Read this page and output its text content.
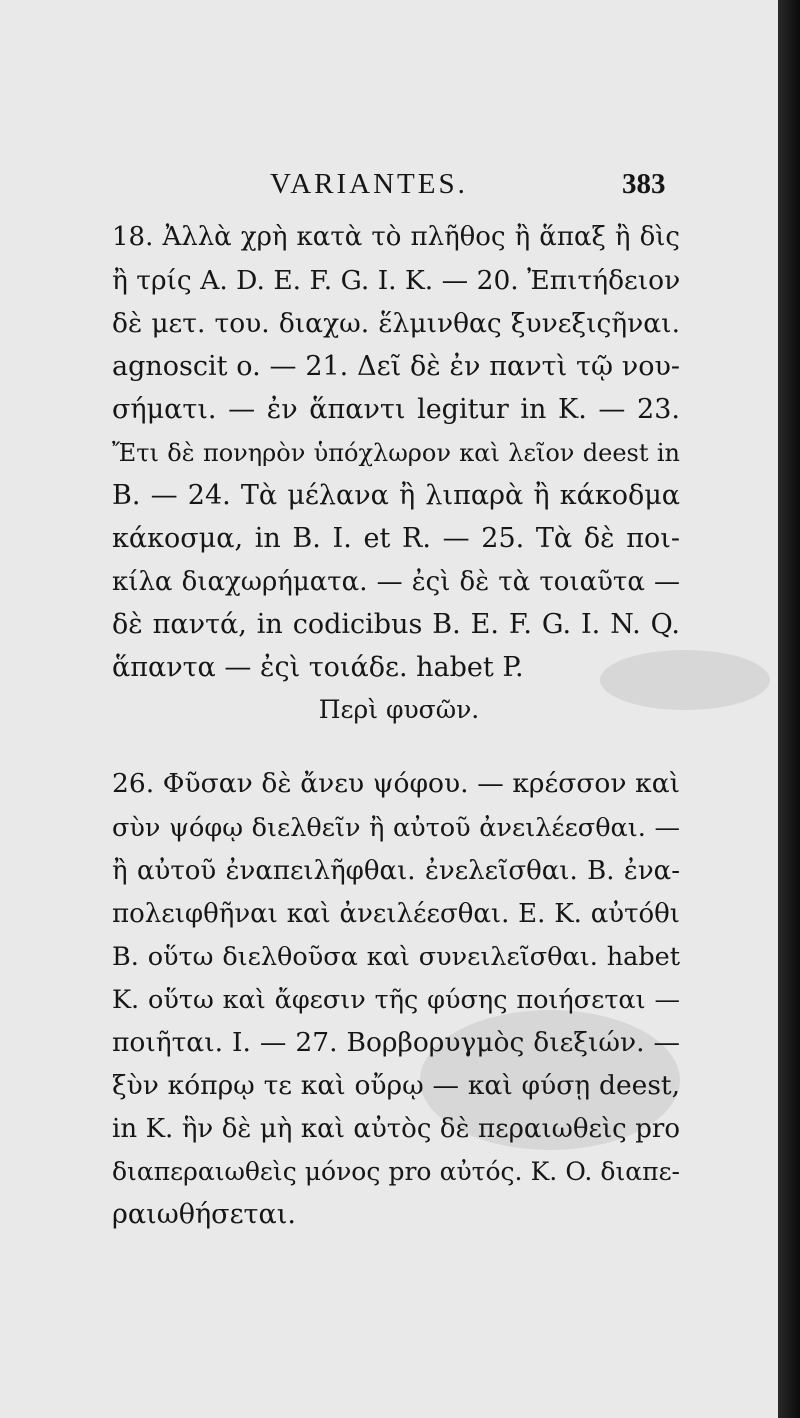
VARIANTES.	383
18. Ἀλλὰ χρὴ κατὰ τὸ πλῆθος ἢ ἅπαξ ἢ δὶς
ἢ τρίς A. D. E. F. G. I. K. — 20. Ἐπιτήδειον
δὲ μετ. του. διαχω. ἕλμινθας ξυνεξιςῆναι.
agnoscit o. — 21. Δεῖ δὲ ἐν παντὶ τῷ νου-
σήματι. — ἐν ἅπαντι legitur in K. — 23.
Ἔτι δὲ πονηρὸν ὑπόχλωρον καὶ λεῖον deest in
B. — 24. Τὰ μέλανα ἢ λιπαρὰ ἢ κάκοδμα
κάκοσμα, in B. I. et R. — 25. Τὰ δὲ ποι-
κίλα διαχωρήματα. — ἐςὶ δὲ τὰ τοιαῦτα —
δὲ παντά, in codicibus B. E. F. G. I. N. Q.
ἅπαντα — ἐςὶ τοιάδε. habet P.
Περὶ φυσῶν.
26. Φῦσαν δὲ ἄνευ ψόφου. — κρέσσον καὶ
σὺν ψόφῳ διελθεῖν ἢ αὐτοῦ ἀνειλέεσθαι. —
ἢ αὐτοῦ ἐναπειλῆφθαι. ἐνελεῖσθαι. B. ἐνα-
πολειφθῆναι καὶ ἀνειλέεσθαι. E. K. αὐτόθι
B. οὕτω διελθοῦσα καὶ συνειλεῖσθαι. habet
K. οὕτω καὶ ἄφεσιν τῆς φύσης ποιήσεται —
ποιῆται. I. — 27. Βορβορυγμὸς διεξιών. —
ξὺν κόπρῳ τε καὶ οὔρῳ — καὶ φύσῃ deest,
in K. ἣν δὲ μὴ καὶ αὐτὸς δὲ περαιωθεὶς pro
διαπεραιωθεὶς μόνος pro αὐτός. K. O. διαπε-
ραιωθήσεται.
